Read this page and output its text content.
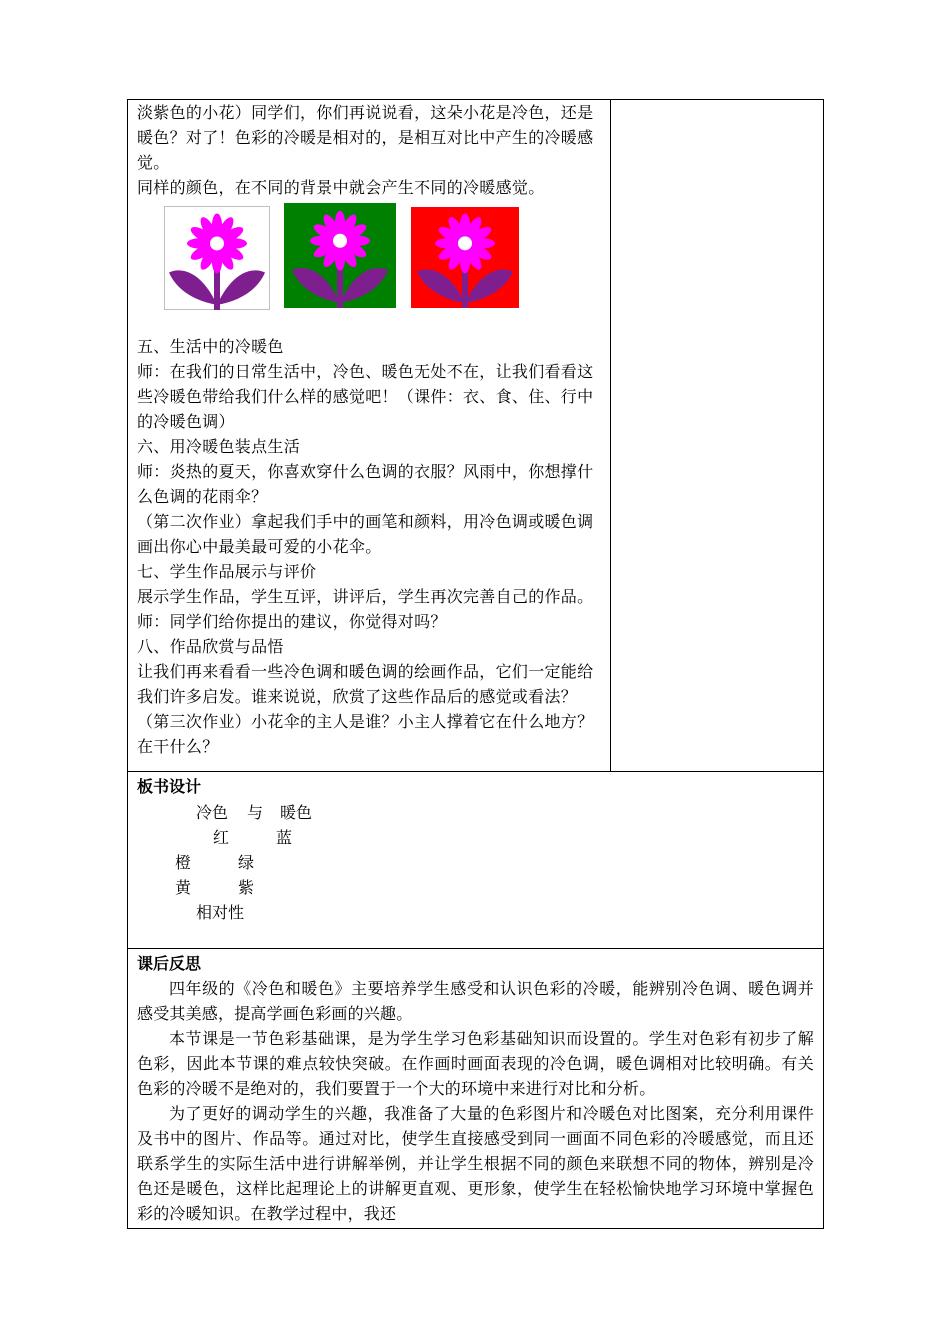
淡紫色的小花）同学们，你们再说说看，这朵小花是冷色，还是暖色？对了！色彩的冷暖是相对的，是相互对比中产生的冷暖感觉。

同样的颜色，在不同的背景中就会产生不同的冷暖感觉。

五、生活中的冷暖色

师：在我们的日常生活中，冷色、暖色无处不在，让我们看看这些冷暖色带给我们什么样的感觉吧！（课件：衣、食、住、行中的冷暖色调）

六、用冷暖色装点生活

师：炎热的夏天，你喜欢穿什么色调的衣服？风雨中，你想撑什么色调的花雨伞？

（第二次作业）拿起我们手中的画笔和颜料，用冷色调或暖色调画出你心中最美最可爱的小花伞。

七、学生作品展示与评价

展示学生作品，学生互评，讲评后，学生再次完善自己的作品。

师：同学们给你提出的建议，你觉得对吗？

八、作品欣赏与品悟

让我们再来看看一些冷色调和暖色调的绘画作品，它们一定能给我们许多启发。谁来说说，欣赏了这些作品后的感觉或看法？（第三次作业）小花伞的主人是谁？小主人撑着它在什么地方？在干什么？

板书设计
冷色 与 暖色
红	蓝
橙	绿
黄	紫
相对性

课后反思

四年级的《冷色和暖色》主要培养学生感受和认识色彩的冷暖，能辨别冷色调、暖色调并感受其美感，提高学画色彩画的兴趣。

本节课是一节色彩基础课，是为学生学习色彩基础知识而设置的。学生对色彩有初步了解色彩，因此本节课的难点较快突破。在作画时画面表现的冷色调，暖色调相对比较明确。有关色彩的冷暖不是绝对的，我们要置于一个大的环境中来进行对比和分析。

为了更好的调动学生的兴趣，我准备了大量的色彩图片和冷暖色对比图案，充分利用课件及书中的图片、作品等。通过对比，使学生直接感受到同一画面不同色彩的冷暖感觉，而且还联系学生的实际生活中进行讲解举例，并让学生根据不同的颜色来联想不同的物体，辨别是冷色还是暖色，这样比起理论上的讲解更直观、更形象，使学生在轻松愉快地学习环境中掌握色彩的冷暖知识。在教学过程中，我还
